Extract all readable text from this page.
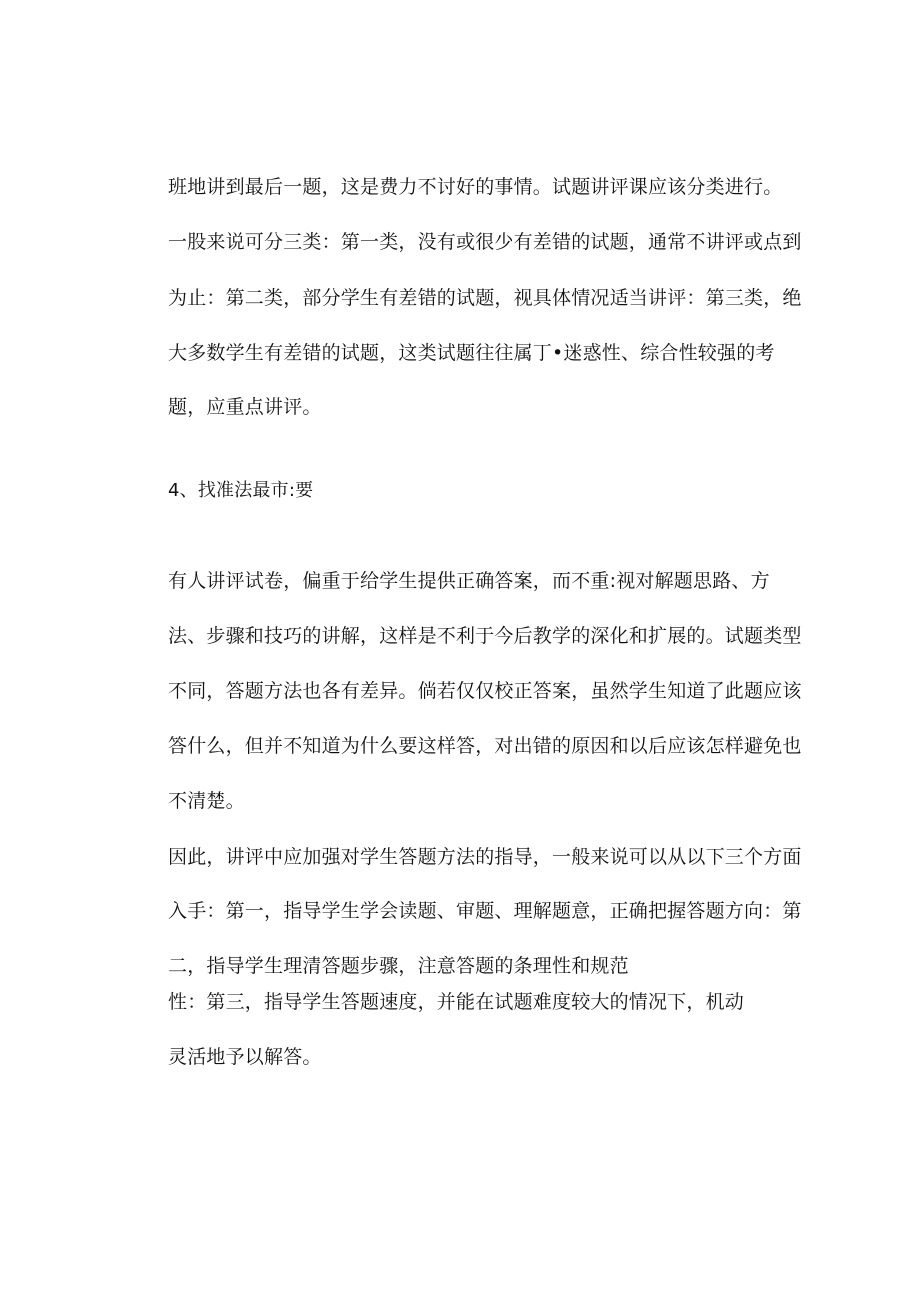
班地讲到最后一题，这是费力不讨好的事情。试题讲评课应该分类进行。
一股来说可分三类：第一类，没有或很少有差错的试题，通常不讲评或点到
为止：第二类，部分学生有差错的试题，视具体情况适当讲评：第三类，绝
大多数学生有差错的试题，这类试题往往属丁•迷惑性、综合性较强的考
题，应重点讲评。
4、找准法最市:要
有人讲评试卷，偏重于给学生提供正确答案，而不重:视对解题思路、方
法、步骤和技巧的讲解，这样是不利于今后教学的深化和扩展的。试题类型
不同，答题方法也各有差异。倘若仅仅校正答案，虽然学生知道了此题应该
答什么，但并不知道为什么要这样答，对出错的原因和以后应该怎样避免也
不清楚。
因此，讲评中应加强对学生答题方法的指导，一般来说可以从以下三个方面
入手：第一，指导学生学会读题、审题、理解题意，正确把握答题方向：第
二，指导学生理清答题步骤，注意答题的条理性和规范
性：第三，指导学生答题速度，并能在试题难度较大的情况下，机动
灵活地予以解答。
